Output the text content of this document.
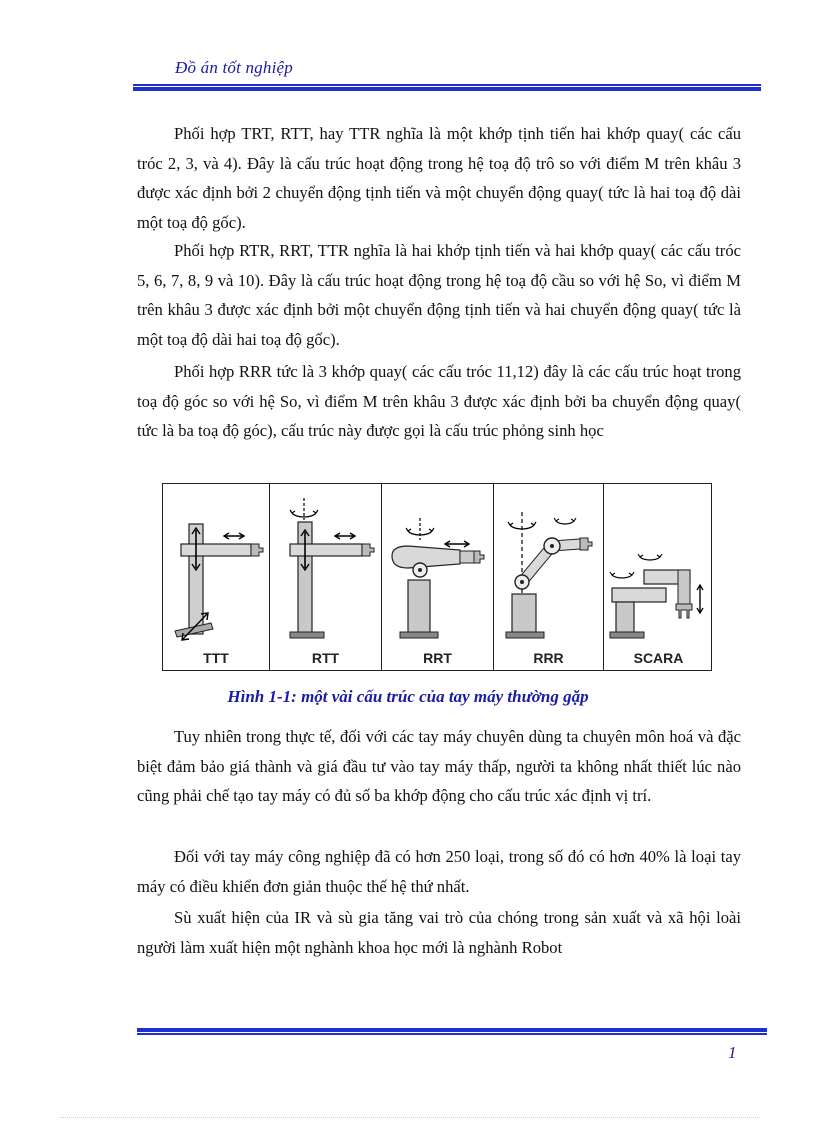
Đồ án tốt nghiệp

Phối hợp TRT, RTT, hay TTR nghĩa là một khớp tịnh tiến hai khớp quay( các cấu tróc 2, 3, và 4). Đây là cấu trúc hoạt động trong hệ toạ độ trô so với điểm M trên khâu 3 được xác định bởi 2 chuyển động tịnh tiến và một chuyển động quay( tức là hai toạ độ dài một toạ độ gốc).

Phối hợp RTR, RRT, TTR nghĩa là hai khớp tịnh tiến và hai khớp quay( các cấu tróc 5, 6, 7, 8, 9 và 10). Đây là cấu trúc hoạt động trong hệ toạ độ cầu so với hệ So, vì điểm M trên khâu 3 được xác định bởi một chuyển động tịnh tiến và hai chuyển động quay( tức là một toạ độ dài hai toạ độ gốc).

Phối hợp RRR tức là 3 khớp quay( các cấu tróc 11,12) đây là các cấu trúc hoạt trong toạ độ góc so với hệ So, vì điểm M trên khâu 3 được xác định bởi ba chuyển động quay( tức là ba toạ độ góc), cấu trúc này được gọi là cấu trúc phỏng sinh học

TTT	RTT	RRT	RRR	SCARA
Hình 1-1: một vài cấu trúc của tay máy thường gặp

Tuy nhiên trong thực tế, đối với các tay máy chuyên dùng ta chuyên môn hoá và đặc biệt đảm bảo giá thành và giá đầu tư vào tay máy thấp, người ta không nhất thiết lúc nào cũng phải chế tạo tay máy có đủ số ba khớp động cho cấu trúc xác định vị trí.

Đối với tay máy công nghiệp đã có hơn 250 loại, trong số đó có hơn 40% là loại tay máy có điều khiển đơn giản thuộc thế hệ thứ nhất.

Sù xuất hiện của IR và sù gia tăng vai trò của chóng trong sản xuất và xã hội loài người làm xuất hiện một nghành khoa học mới là nghành Robot

1
